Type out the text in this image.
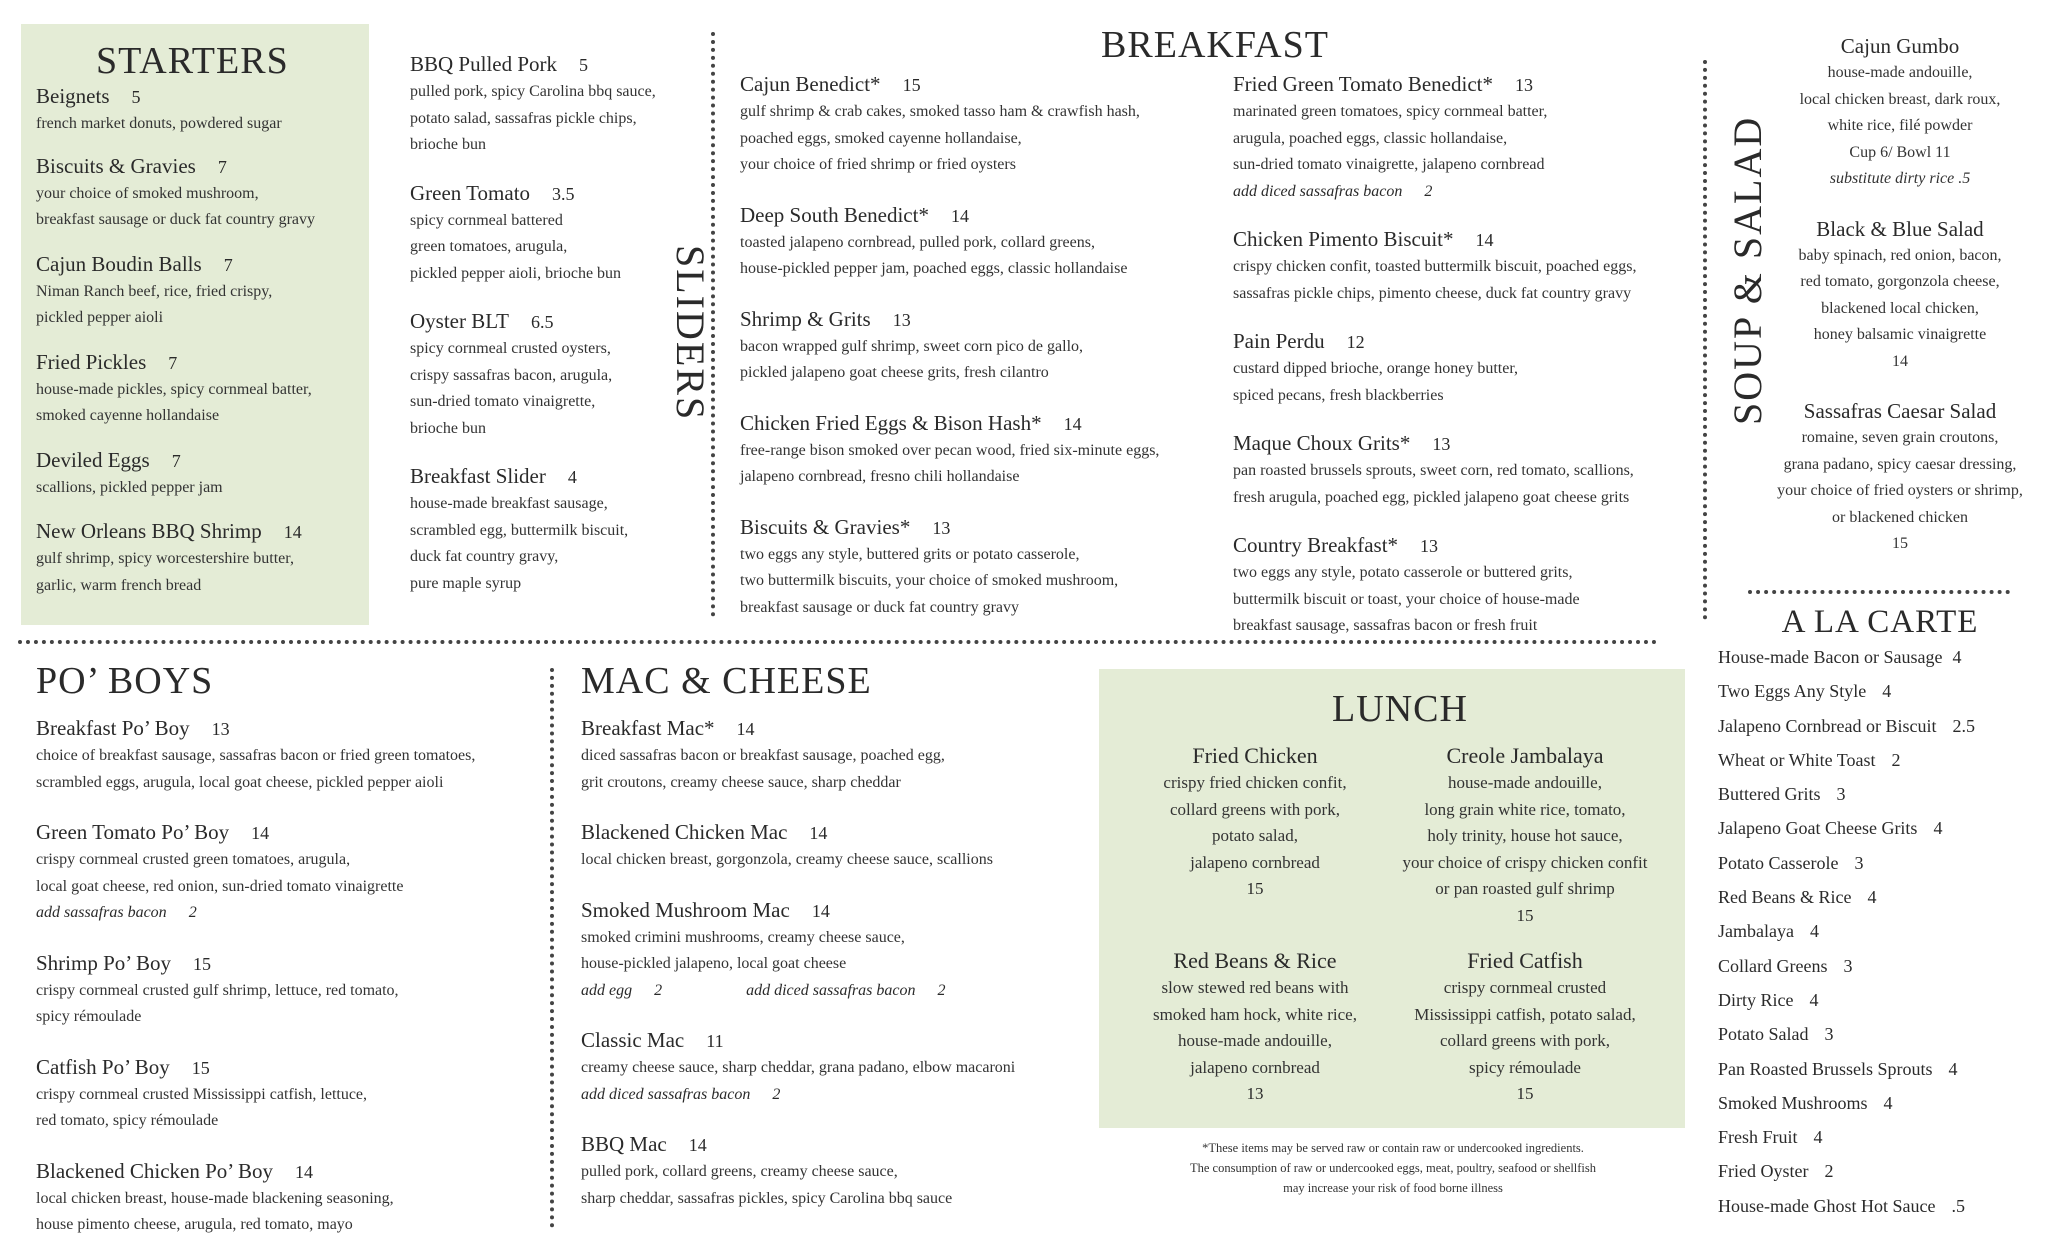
STARTERS
Beignets 5
french market donuts, powdered sugar
Biscuits & Gravies 7
your choice of smoked mushroom,
breakfast sausage or duck fat country gravy
Cajun Boudin Balls 7
Niman Ranch beef, rice, fried crispy,
pickled pepper aioli
Fried Pickles 7
house-made pickles, spicy cornmeal batter,
smoked cayenne hollandaise
Deviled Eggs 7
scallions, pickled pepper jam
New Orleans BBQ Shrimp 14
gulf shrimp, spicy worcestershire butter,
garlic, warm french bread
BBQ Pulled Pork 5
pulled pork, spicy Carolina bbq sauce,
potato salad, sassafras pickle chips,
brioche bun
Green Tomato 3.5
spicy cornmeal battered
green tomatoes, arugula,
pickled pepper aioli, brioche bun
Oyster BLT 6.5
spicy cornmeal crusted oysters,
crispy sassafras bacon, arugula,
sun-dried tomato vinaigrette,
brioche bun
Breakfast Slider 4
house-made breakfast sausage,
scrambled egg, buttermilk biscuit,
duck fat country gravy,
pure maple syrup
SLIDERS
BREAKFAST
Cajun Benedict* 15
gulf shrimp & crab cakes, smoked tasso ham & crawfish hash,
poached eggs, smoked cayenne hollandaise,
your choice of fried shrimp or fried oysters
Deep South Benedict* 14
toasted jalapeno cornbread, pulled pork, collard greens,
house-pickled pepper jam, poached eggs, classic hollandaise
Shrimp & Grits 13
bacon wrapped gulf shrimp, sweet corn pico de gallo,
pickled jalapeno goat cheese grits, fresh cilantro
Chicken Fried Eggs & Bison Hash* 14
free-range bison smoked over pecan wood, fried six-minute eggs,
jalapeno cornbread, fresno chili hollandaise
Biscuits & Gravies* 13
two eggs any style, buttered grits or potato casserole,
two buttermilk biscuits, your choice of smoked mushroom,
breakfast sausage or duck fat country gravy
Fried Green Tomato Benedict* 13
marinated green tomatoes, spicy cornmeal batter,
arugula, poached eggs, classic hollandaise,
sun-dried tomato vinaigrette, jalapeno cornbread
add diced sassafras bacon 2
Chicken Pimento Biscuit* 14
crispy chicken confit, toasted buttermilk biscuit, poached eggs,
sassafras pickle chips, pimento cheese, duck fat country gravy
Pain Perdu 12
custard dipped brioche, orange honey butter,
spiced pecans, fresh blackberries
Maque Choux Grits* 13
pan roasted brussels sprouts, sweet corn, red tomato, scallions,
fresh arugula, poached egg, pickled jalapeno goat cheese grits
Country Breakfast* 13
two eggs any style, potato casserole or buttered grits,
buttermilk biscuit or toast, your choice of house-made
breakfast sausage, sassafras bacon or fresh fruit
SOUP & SALAD
Cajun Gumbo
house-made andouille,
local chicken breast, dark roux,
white rice, filé powder
Cup 6/ Bowl 11
substitute dirty rice .5
Black & Blue Salad
baby spinach, red onion, bacon,
red tomato, gorgonzola cheese,
blackened local chicken,
honey balsamic vinaigrette
14
Sassafras Caesar Salad
romaine, seven grain croutons,
grana padano, spicy caesar dressing,
your choice of fried oysters or shrimp,
or blackened chicken
15
PO’ BOYS
Breakfast Po’ Boy 13
choice of breakfast sausage, sassafras bacon or fried green tomatoes,
scrambled eggs, arugula, local goat cheese, pickled pepper aioli
Green Tomato Po’ Boy 14
crispy cornmeal crusted green tomatoes, arugula,
local goat cheese, red onion, sun-dried tomato vinaigrette
add sassafras bacon 2
Shrimp Po’ Boy 15
crispy cornmeal crusted gulf shrimp, lettuce, red tomato,
spicy rémoulade
Catfish Po’ Boy 15
crispy cornmeal crusted Mississippi catfish, lettuce,
red tomato, spicy rémoulade
Blackened Chicken Po’ Boy 14
local chicken breast, house-made blackening seasoning,
house pimento cheese, arugula, red tomato, mayo
MAC & CHEESE
Breakfast Mac* 14
diced sassafras bacon or breakfast sausage, poached egg,
grit croutons, creamy cheese sauce, sharp cheddar
Blackened Chicken Mac 14
local chicken breast, gorgonzola, creamy cheese sauce, scallions
Smoked Mushroom Mac 14
smoked crimini mushrooms, creamy cheese sauce,
house-pickled jalapeno, local goat cheese
add egg 2	add diced sassafras bacon 2
Classic Mac 11
creamy cheese sauce, sharp cheddar, grana padano, elbow macaroni
add diced sassafras bacon 2
BBQ Mac 14
pulled pork, collard greens, creamy cheese sauce,
sharp cheddar, sassafras pickles, spicy Carolina bbq sauce
LUNCH
Fried Chicken
crispy fried chicken confit,
collard greens with pork,
potato salad,
jalapeno cornbread
15
Creole Jambalaya
house-made andouille,
long grain white rice, tomato,
holy trinity, house hot sauce,
your choice of crispy chicken confit
or pan roasted gulf shrimp
15
Red Beans & Rice
slow stewed red beans with
smoked ham hock, white rice,
house-made andouille,
jalapeno cornbread
13
Fried Catfish
crispy cornmeal crusted
Mississippi catfish, potato salad,
collard greens with pork,
spicy rémoulade
15
*These items may be served raw or contain raw or undercooked ingredients.
The consumption of raw or undercooked eggs, meat, poultry, seafood or shellfish
may increase your risk of food borne illness
A LA CARTE
House-made Bacon or Sausage 4
Two Eggs Any Style 4
Jalapeno Cornbread or Biscuit 2.5
Wheat or White Toast 2
Buttered Grits 3
Jalapeno Goat Cheese Grits 4
Potato Casserole 3
Red Beans & Rice 4
Jambalaya 4
Collard Greens 3
Dirty Rice 4
Potato Salad 3
Pan Roasted Brussels Sprouts 4
Smoked Mushrooms 4
Fresh Fruit 4
Fried Oyster 2
House-made Ghost Hot Sauce .5
